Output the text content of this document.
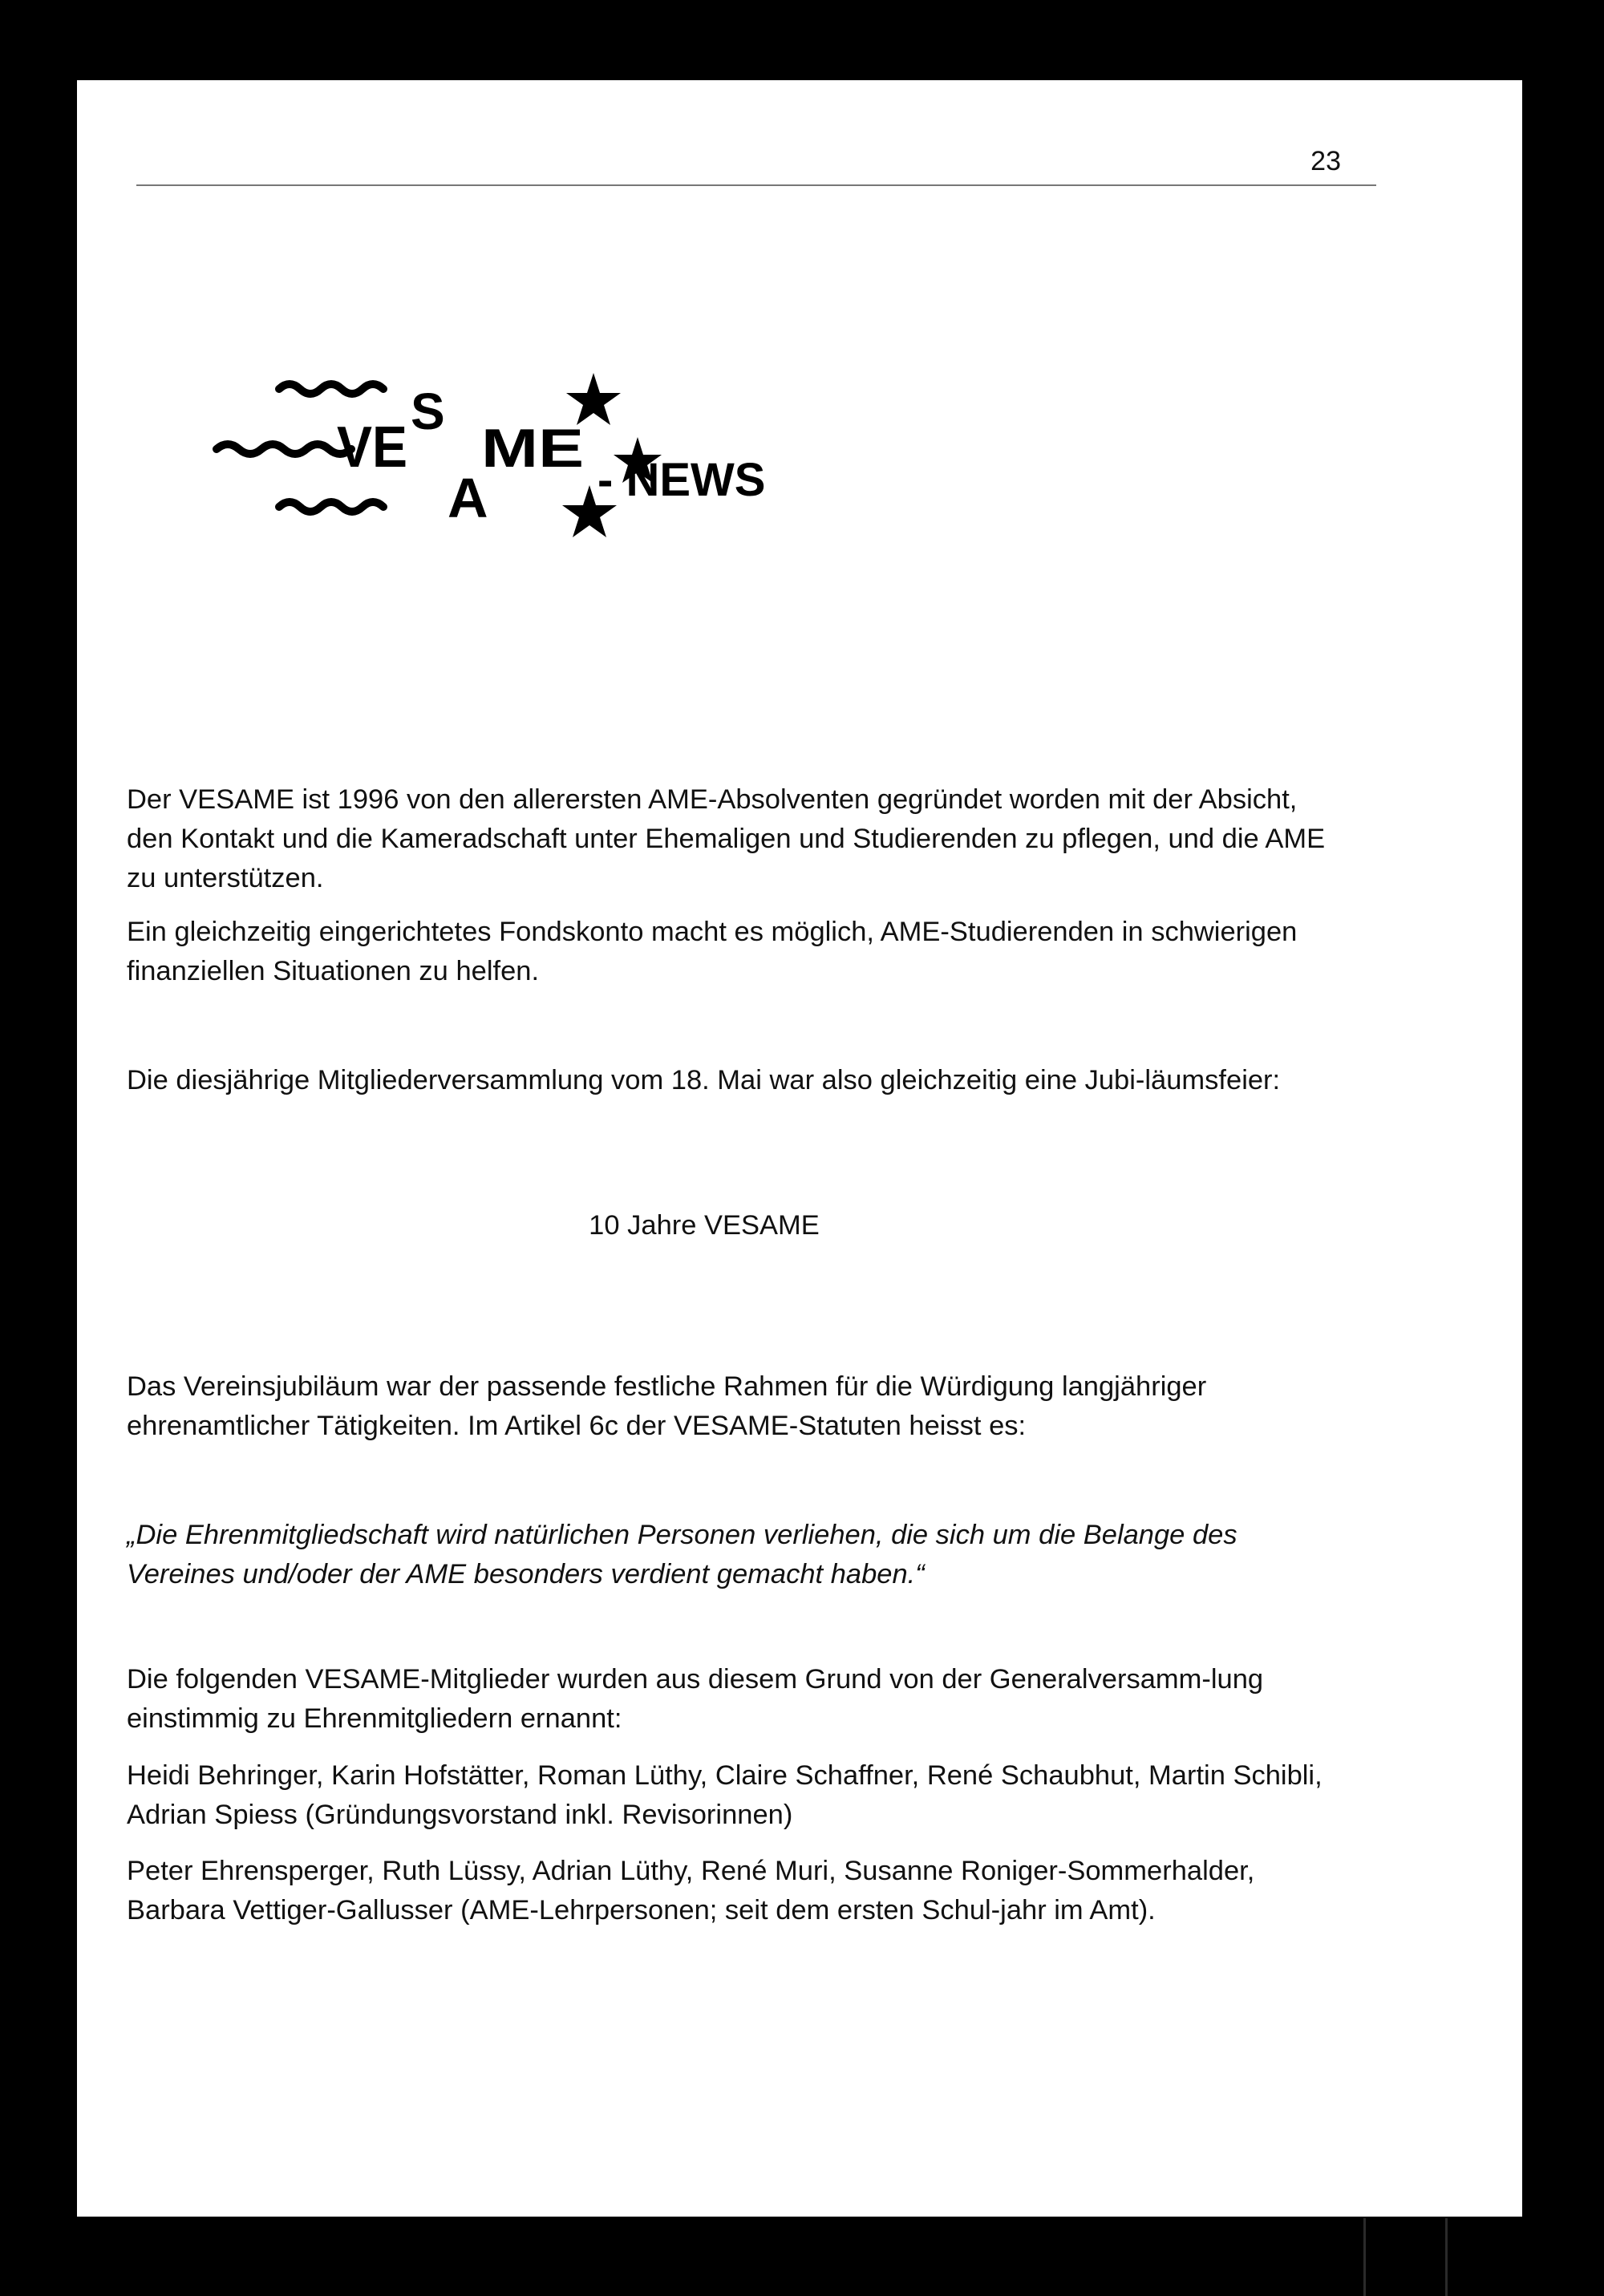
23
VE
S
A
ME
- NEWS

Der VESAME ist 1996 von den allerersten AME-Absolventen gegründet worden mit der Absicht, den Kontakt und die Kameradschaft unter Ehemaligen und Studierenden zu pflegen, und die AME zu unterstützen.

Ein gleichzeitig eingerichtetes Fondskonto macht es möglich, AME-Studierenden in schwierigen finanziellen Situationen zu helfen.

Die diesjährige Mitgliederversammlung vom 18. Mai war also gleichzeitig eine Jubi-läumsfeier:

10 Jahre VESAME

Das Vereinsjubiläum war der passende festliche Rahmen für die Würdigung langjähriger ehrenamtlicher Tätigkeiten. Im Artikel 6c der VESAME-Statuten heisst es:

„Die Ehrenmitgliedschaft wird natürlichen Personen verliehen, die sich um die Belange des Vereines und/oder der AME besonders verdient gemacht haben.“

Die folgenden VESAME-Mitglieder wurden aus diesem Grund von der Generalversamm-lung einstimmig zu Ehrenmitgliedern ernannt:

Heidi Behringer, Karin Hofstätter, Roman Lüthy, Claire Schaffner, René Schaubhut, Martin Schibli, Adrian Spiess (Gründungsvorstand inkl. Revisorinnen)

Peter Ehrensperger, Ruth Lüssy, Adrian Lüthy, René Muri, Susanne Roniger-Sommerhalder, Barbara Vettiger-Gallusser (AME-Lehrpersonen; seit dem ersten Schul-jahr im Amt).
